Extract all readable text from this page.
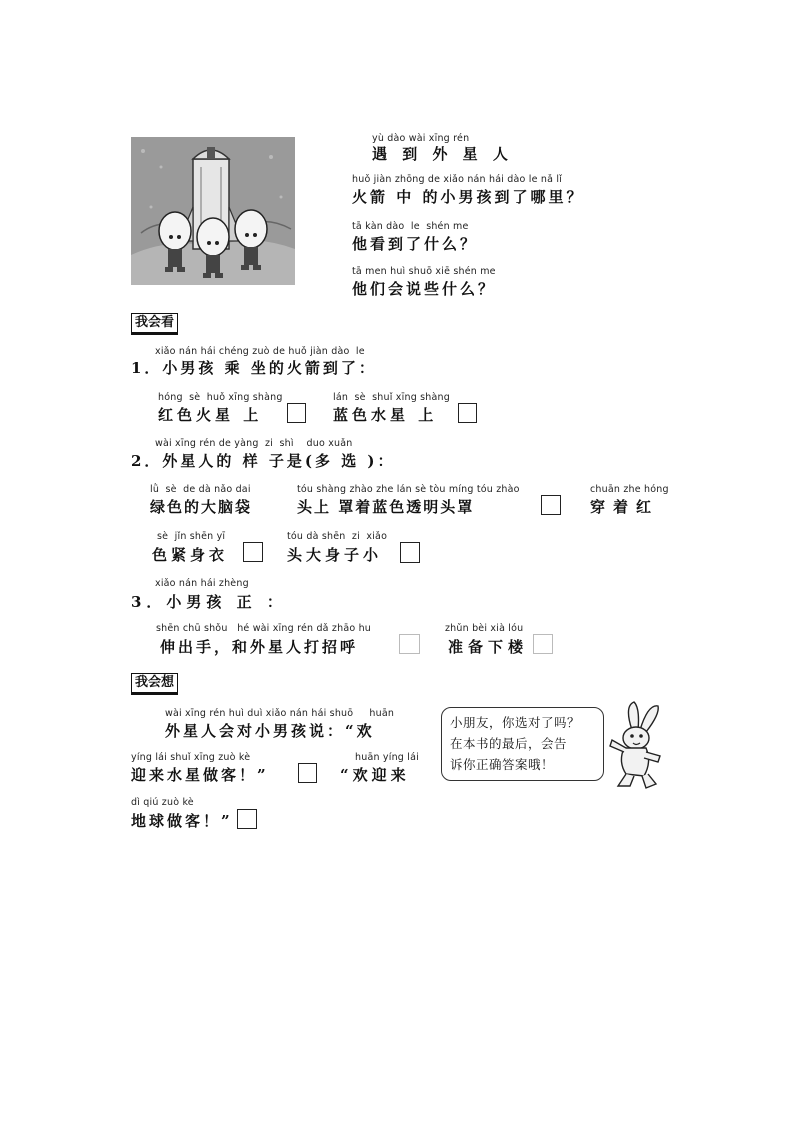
yù dào wài xīng rén
遇 到 外 星 人
huǒ jiàn zhōng de xiǎo nán hái dào le nǎ lǐ
火箭 中 的小男孩到了哪里？
tā kàn dào  le  shén me
他看到了什么？
tā men huì shuō xiē shén me
他们会说些什么？
我会看
xiǎo nán hái chéng zuò de huǒ jiàn dào  le
1．小男孩 乘 坐的火箭到了：
hóng  sè  huǒ xīng shàng
红色火星 上
lán  sè  shuǐ xīng shàng
蓝色水星 上
wài xīng rén de yàng  zi  shì    duo xuǎn
2．外星人的 样 子是(多 选 )：
lǜ  sè  de dà nǎo dai
绿色的大脑袋
tóu shàng zhào zhe lán sè tòu míng tóu zhào
头上 罩着蓝色透明头罩
chuān zhe hóng
穿着红
sè  jǐn shēn yī
色紧身衣
tóu dà shēn  zi  xiǎo
头大身子小
xiǎo nán hái zhèng
3．小男孩 正 ：
shēn chū shǒu   hé wài xīng rén dǎ zhāo hu
伸出手，和外星人打招呼
zhǔn bèi xià lóu
准备下楼
我会想
wài xīng rén huì duì xiǎo nán hái shuō     huān
外星人会对小男孩说：“欢
yíng lái shuǐ xīng zuò kè
迎来水星做客！”
huān yíng lái
“欢迎来
dì qiú zuò kè
地球做客！”
小朋友，你选对了吗？
在本书的最后，会告
诉你正确答案哦！
